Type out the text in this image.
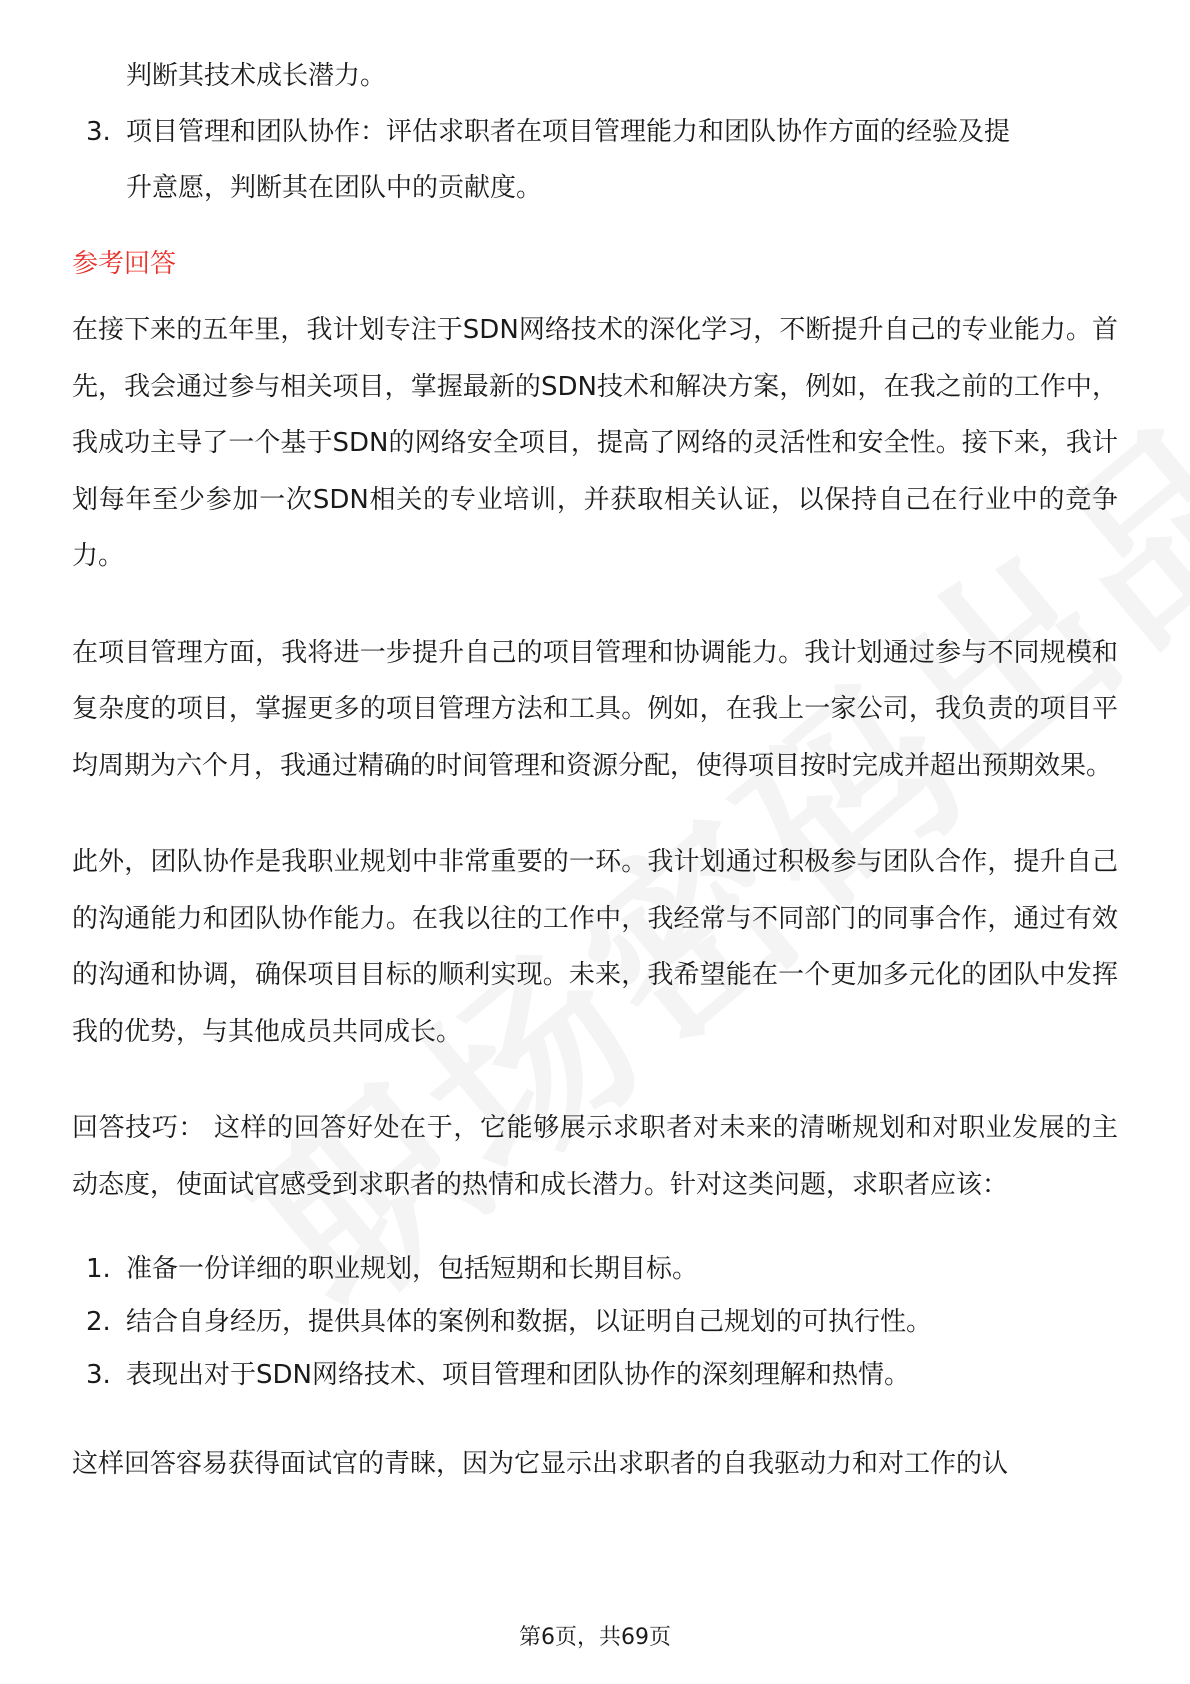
判断其技术成长潜力。
3. 项目管理和团队协作：评估求职者在项目管理能力和团队协作方面的经验及提
升意愿，判断其在团队中的贡献度。
参考回答

在接下来的五年里，我计划专注于SDN网络技术的深化学习，不断提升自己的专业能力。首先，我会通过参与相关项目，掌握最新的SDN技术和解决方案，例如，在我之前的工作中，我成功主导了一个基于SDN的网络安全项目，提高了网络的灵活性和安全性。接下来，我计划每年至少参加一次SDN相关的专业培训，并获取相关认证，以保持自己在行业中的竞争力。

在项目管理方面，我将进一步提升自己的项目管理和协调能力。我计划通过参与不同规模和复杂度的项目，掌握更多的项目管理方法和工具。例如，在我上一家公司，我负责的项目平均周期为六个月，我通过精确的时间管理和资源分配，使得项目按时完成并超出预期效果。

此外，团队协作是我职业规划中非常重要的一环。我计划通过积极参与团队合作，提升自己的沟通能力和团队协作能力。在我以往的工作中，我经常与不同部门的同事合作，通过有效的沟通和协调，确保项目目标的顺利实现。未来，我希望能在一个更加多元化的团队中发挥我的优势，与其他成员共同成长。

回答技巧： 这样的回答好处在于，它能够展示求职者对未来的清晰规划和对职业发展的主动态度，使面试官感受到求职者的热情和成长潜力。针对这类问题，求职者应该：

1. 准备一份详细的职业规划，包括短期和长期目标。
2. 结合自身经历，提供具体的案例和数据，以证明自己规划的可执行性。
3. 表现出对于SDN网络技术、项目管理和团队协作的深刻理解和热情。

这样回答容易获得面试官的青睐，因为它显示出求职者的自我驱动力和对工作的认

第6页，共69页
